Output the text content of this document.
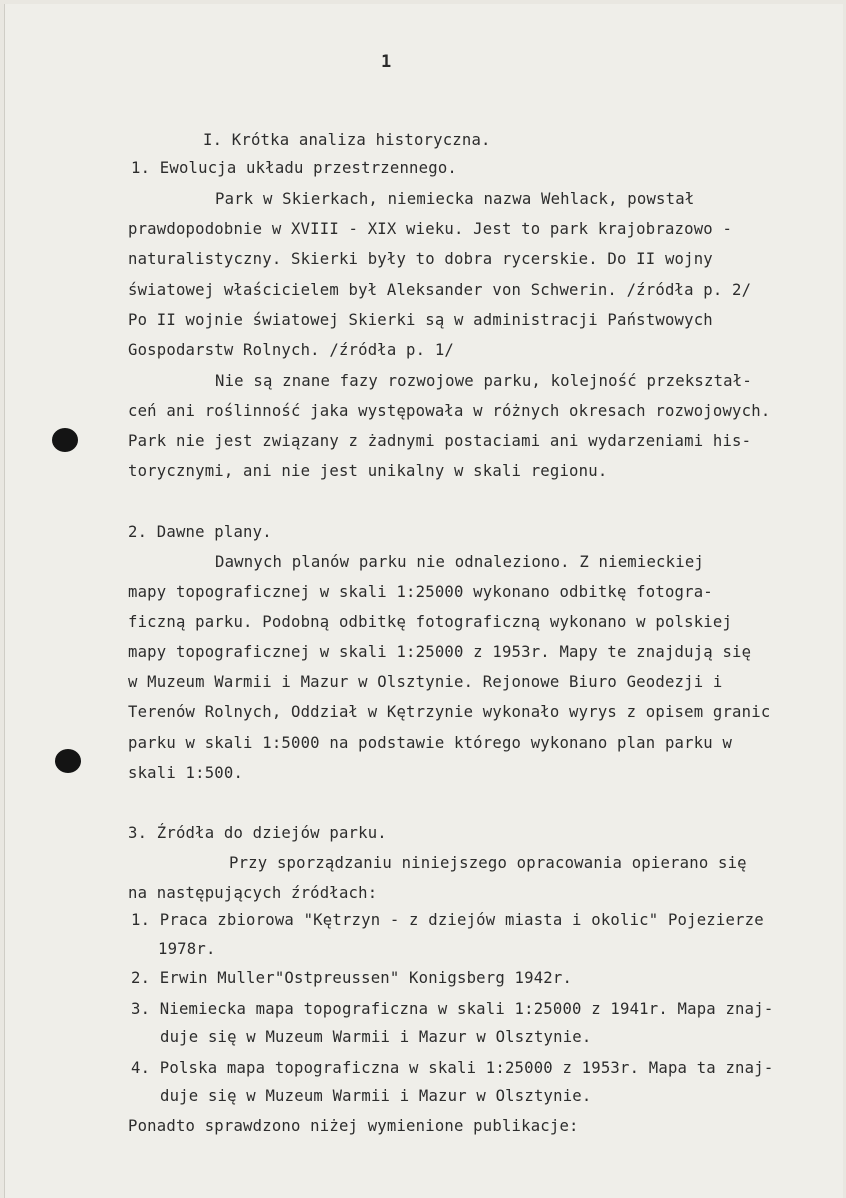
1
I. Krótka analiza historyczna.
1. Ewolucja układu przestrzennego.
Park w Skierkach, niemiecka nazwa Wehlack, powstał
prawdopodobnie w XVIII - XIX wieku. Jest to park krajobrazowo -
naturalistyczny. Skierki były to dobra rycerskie. Do II wojny
światowej właścicielem był Aleksander von Schwerin. /źródła p. 2/
Po II wojnie światowej Skierki są w administracji Państwowych
Gospodarstw Rolnych. /źródła p. 1/
Nie są znane fazy rozwojowe parku, kolejność przekształ-
ceń ani roślinność jaka występowała w różnych okresach rozwojowych.
Park nie jest związany z żadnymi postaciami ani wydarzeniami his-
torycznymi, ani nie jest unikalny w skali regionu.
2. Dawne plany.
Dawnych planów parku nie odnaleziono. Z niemieckiej
mapy topograficznej w skali 1:25000 wykonano odbitkę fotogra-
ficzną parku. Podobną odbitkę fotograficzną wykonano w polskiej
mapy topograficznej w skali 1:25000 z 1953r. Mapy te znajdują się
w Muzeum Warmii i Mazur w Olsztynie. Rejonowe Biuro Geodezji i
Terenów Rolnych, Oddział w Kętrzynie wykonało wyrys z opisem granic
parku w skali 1:5000 na podstawie którego wykonano plan parku w
skali 1:500.
3. Źródła do dziejów parku.
Przy sporządzaniu niniejszego opracowania opierano się
na następujących źródłach:
1. Praca zbiorowa "Kętrzyn - z dziejów miasta i okolic" Pojezierze
1978r.
2. Erwin Muller"Ostpreussen" Konigsberg 1942r.
3. Niemiecka mapa topograficzna w skali 1:25000 z 1941r. Mapa znaj-
duje się w Muzeum Warmii i Mazur w Olsztynie.
4. Polska mapa topograficzna w skali 1:25000 z 1953r. Mapa ta znaj-
duje się w Muzeum Warmii i Mazur w Olsztynie.
Ponadto sprawdzono niżej wymienione publikacje:
